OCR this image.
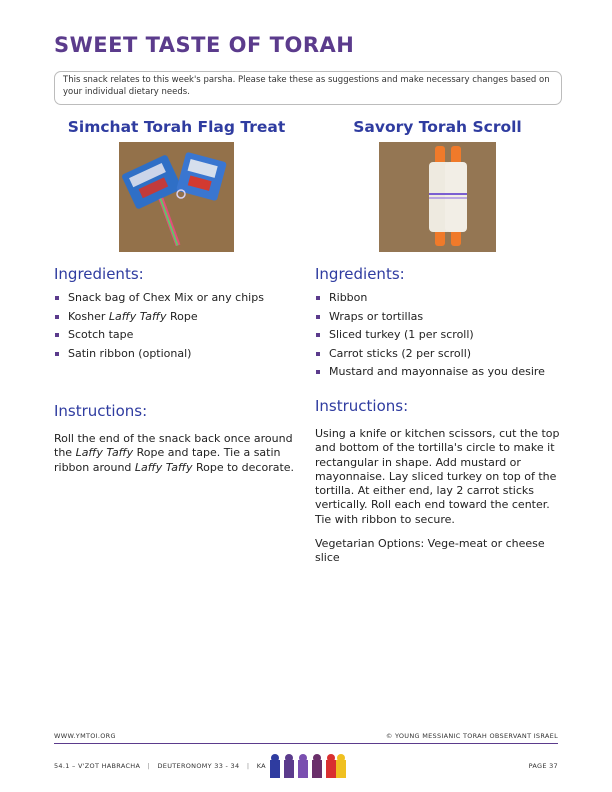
SWEET TASTE OF TORAH
This snack relates to this week's parsha. Please take these as suggestions and make necessary changes based on your individual dietary needs.
Simchat Torah Flag Treat
Ingredients:
Snack bag of Chex Mix or any chips
Kosher Laffy Taffy Rope
Scotch tape
Satin ribbon (optional)
Instructions:

Roll the end of the snack back once around the Laffy Taffy Rope and tape. Tie a satin ribbon around Laffy Taffy Rope to decorate.

Savory Torah Scroll
Ingredients:
Ribbon
Wraps or tortillas
Sliced turkey (1 per scroll)
Carrot sticks (2 per scroll)
Mustard and mayonnaise as you desire
Instructions:

Using a knife or kitchen scissors, cut the top and bottom of the tortilla's circle to make it rectangular in shape. Add mustard or mayonnaise. Lay sliced turkey on top of the tortilla. At either end, lay 2 carrot sticks vertically. Roll each end toward the center. Tie with ribbon to secure.

Vegetarian Options: Vege-meat or cheese slice

WWW.YMTOI.ORG
54.1 – V'ZOT HABRACHA | DEUTERONOMY 33 - 34 | KA
© YOUNG MESSIANIC TORAH OBSERVANT ISRAEL
PAGE 37
